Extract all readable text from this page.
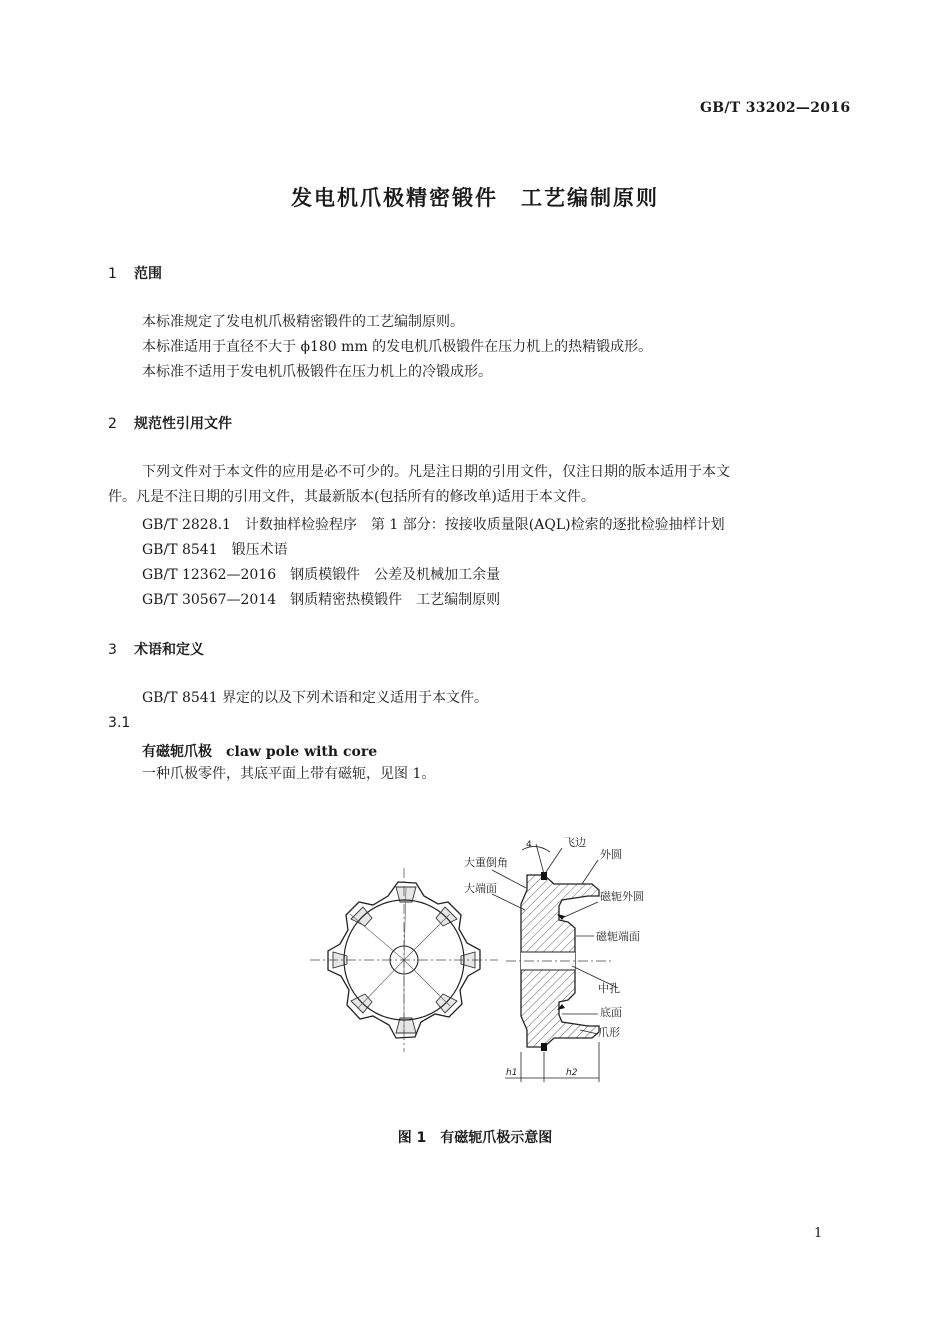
GB/T 33202—2016
发电机爪极精密锻件　工艺编制原则
1 范围
本标准规定了发电机爪极精密锻件的工艺编制原则。
本标准适用于直径不大于 ϕ180 mm 的发电机爪极锻件在压力机上的热精锻成形。
本标准不适用于发电机爪极锻件在压力机上的冷锻成形。
2 规范性引用文件
下列文件对于本文件的应用是必不可少的。凡是注日期的引用文件，仅注日期的版本适用于本文
件。凡是不注日期的引用文件，其最新版本(包括所有的修改单)适用于本文件。
GB/T 2828.1 计数抽样检验程序　第 1 部分：按接收质量限(AQL)检索的逐批检验抽样计划
GB/T 8541 锻压术语
GB/T 12362—2016 钢质模锻件　公差及机械加工余量
GB/T 30567—2014 钢质精密热模锻件　工艺编制原则
3 术语和定义
GB/T 8541 界定的以及下列术语和定义适用于本文件。
3.1
有磁轭爪极 claw pole with core
一种爪极零件，其底平面上带有磁轭，见图 1。
4	飞边
外圆
大重倒角
大端面
磁轭外圆
磁轭端面
中孔
底面
爪形
h1	h2
图 1　有磁轭爪极示意图
1
